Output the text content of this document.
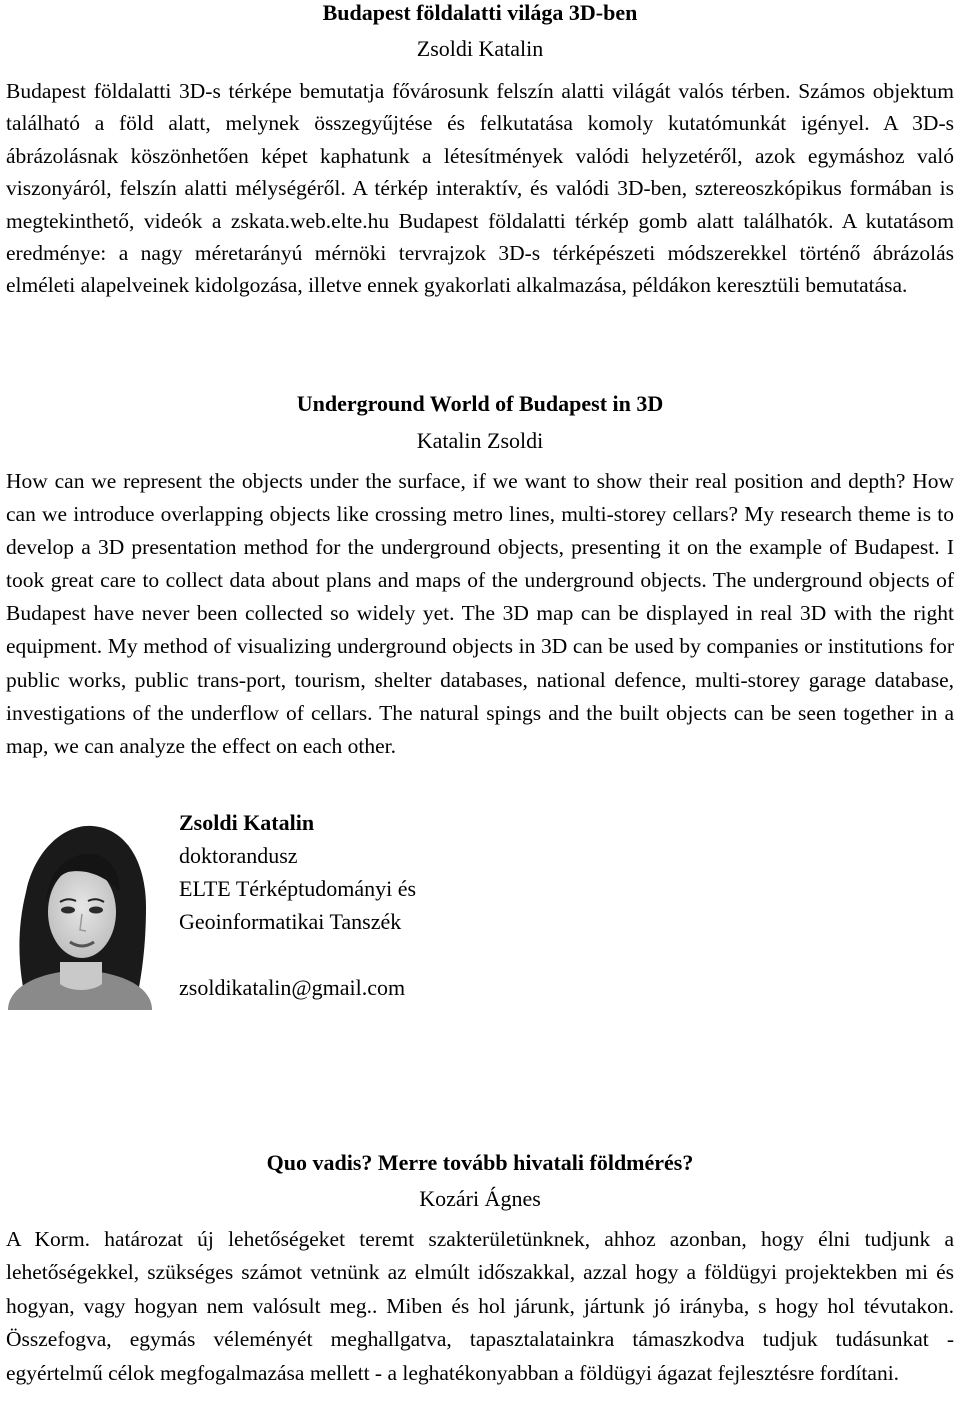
Budapest földalatti világa 3D-ben
Zsoldi Katalin

Budapest földalatti 3D-s térképe bemutatja fővárosunk felszín alatti világát valós térben. Számos objektum található a föld alatt, melynek összegyűjtése és felkutatása komoly kutatómunkát igényel. A 3D-s ábrázolásnak köszönhetően képet kaphatunk a létesítmények valódi helyzetéről, azok egymáshoz való viszonyáról, felszín alatti mélységéről. A térkép interaktív, és valódi 3D-ben, sztereoszkópikus formában is megtekinthető, videók a zskata.web.elte.hu Budapest földalatti térkép gomb alatt találhatók. A kutatásom eredménye: a nagy méretarányú mérnöki tervrajzok 3D-s térképészeti módszerekkel történő ábrázolás elméleti alapelveinek kidolgozása, illetve ennek gyakorlati alkalmazása, példákon keresztüli bemutatása.

Underground World of Budapest in 3D
Katalin Zsoldi

How can we represent the objects under the surface, if we want to show their real position and depth? How can we introduce overlapping objects like crossing metro lines, multi-storey cellars? My research theme is to develop a 3D presentation method for the underground objects, presenting it on the example of Budapest. I took great care to collect data about plans and maps of the underground objects. The underground objects of Budapest have never been collected so widely yet. The 3D map can be displayed in real 3D with the right equipment. My method of visualizing underground objects in 3D can be used by companies or institutions for public works, public trans-port, tourism, shelter databases, national defence, multi-storey garage database, investigations of the underflow of cellars. The natural spings and the built objects can be seen together in a map, we can analyze the effect on each other.

Zsoldi Katalin
doktorandusz
ELTE Térképtudományi és
Geoinformatikai Tanszék
zsoldikatalin@gmail.com
Quo vadis? Merre tovább hivatali földmérés?
Kozári Ágnes

A Korm. határozat új lehetőségeket teremt szakterületünknek, ahhoz azonban, hogy élni tudjunk a lehetőségekkel, szükséges számot vetnünk az elmúlt időszakkal, azzal hogy a földügyi projektekben mi és hogyan, vagy hogyan nem valósult meg.. Miben és hol járunk, jártunk jó irányba, s hogy hol tévutakon. Összefogva, egymás véleményét meghallgatva, tapasztalatainkra támaszkodva tudjuk tudásunkat - egyértelmű célok megfogalmazása mellett - a leghatékonyabban a földügyi ágazat fejlesztésre fordítani.
